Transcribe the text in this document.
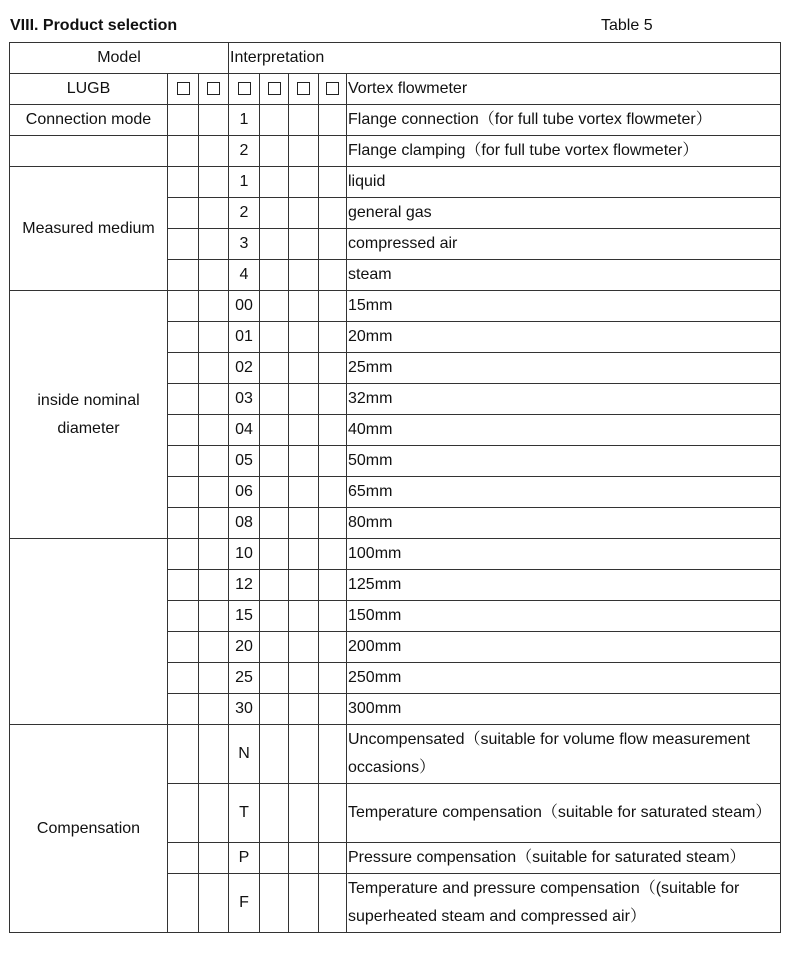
VIII. Product selection	Table 5
Model			Interpretation				
LUGB							Vortex flowmeter
Connection mode			1				Flange connection（for full tube vortex flowmeter）
			2				Flange clamping（for full tube vortex flowmeter）
Measured medium			1				liquid
			2				general gas
			3				compressed air
			4				steam
inside nominal diameter			00				15mm
			01				20mm
			02				25mm
			03				32mm
			04				40mm
			05				50mm
			06				65mm
			08				80mm
			10				100mm
			12				125mm
			15				150mm
			20				200mm
			25				250mm
			30				300mm
Compensation			N				Uncompensated（suitable for volume flow measurement occasions）
			T				Temperature compensation（suitable for saturated steam）
			P				Pressure compensation（suitable for saturated steam）
			F				Temperature and pressure compensation（(suitable for superheated steam and compressed air）
